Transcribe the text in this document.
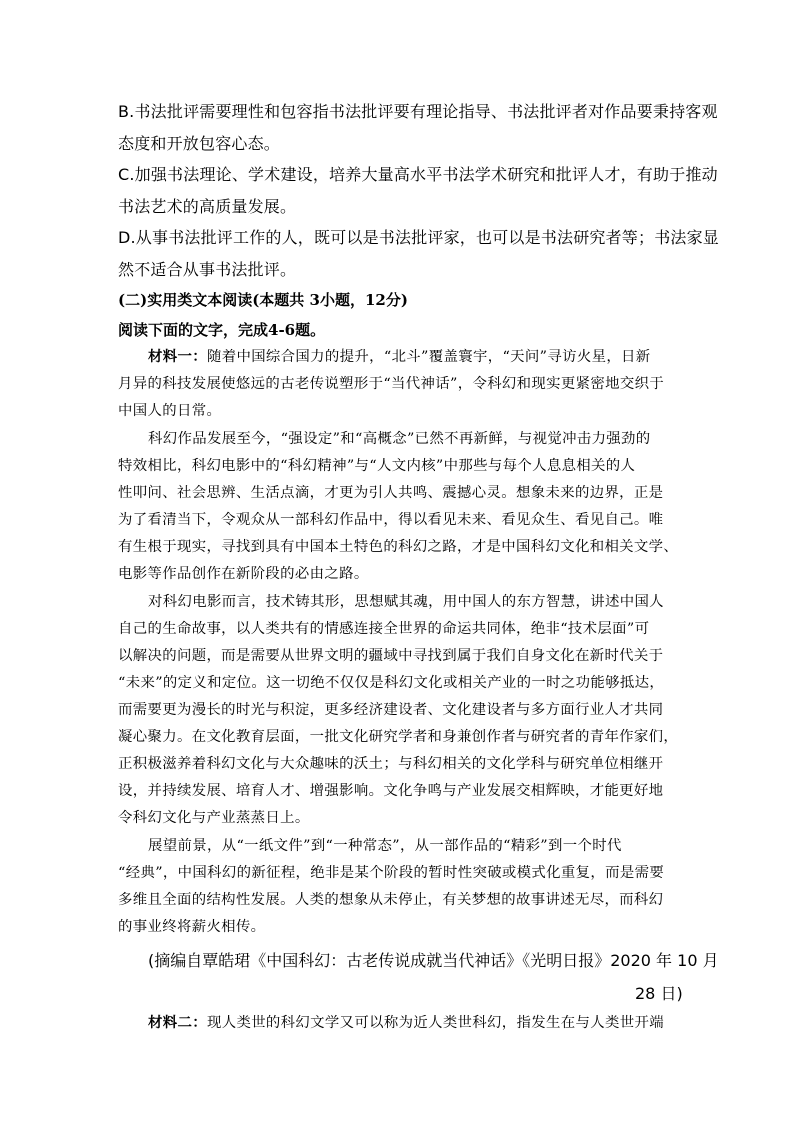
B.书法批评需要理性和包容指书法批评要有理论指导、书法批评者对作品要秉持客观
态度和开放包容心态。
C.加强书法理论、学术建设，培养大量高水平书法学术研究和批评人才，有助于推动
书法艺术的高质量发展。
D.从事书法批评工作的人，既可以是书法批评家，也可以是书法研究者等；书法家显
然不适合从事书法批评。
(二)实用类文本阅读(本题共 3小题，12分)
阅读下面的文字，完成4-6题。
材料一：随着中国综合国力的提升，“北斗”覆盖寰宇，“天问”寻访火星，日新
月异的科技发展使悠远的古老传说塑形于“当代神话”，令科幻和现实更紧密地交织于
中国人的日常。
科幻作品发展至今，“强设定”和“高概念”已然不再新鲜，与视觉冲击力强劲的
特效相比，科幻电影中的“科幻精神”与“人文内核”中那些与每个人息息相关的人
性叩问、社会思辨、生活点滴，才更为引人共鸣、震撼心灵。想象未来的边界，正是
为了看清当下，令观众从一部科幻作品中，得以看见未来、看见众生、看见自己。唯
有生根于现实，寻找到具有中国本土特色的科幻之路，才是中国科幻文化和相关文学、
电影等作品创作在新阶段的必由之路。
对科幻电影而言，技术铸其形，思想赋其魂，用中国人的东方智慧，讲述中国人
自己的生命故事，以人类共有的情感连接全世界的命运共同体，绝非“技术层面”可
以解决的问题，而是需要从世界文明的疆域中寻找到属于我们自身文化在新时代关于
“未来”的定义和定位。这一切绝不仅仅是科幻文化或相关产业的一时之功能够抵达，
而需要更为漫长的时光与积淀，更多经济建设者、文化建设者与多方面行业人才共同
凝心聚力。在文化教育层面，一批文化研究学者和身兼创作者与研究者的青年作家们，
正积极滋养着科幻文化与大众趣味的沃土；与科幻相关的文化学科与研究单位相继开
设，并持续发展、培育人才、增强影响。文化争鸣与产业发展交相辉映，才能更好地
令科幻文化与产业蒸蒸日上。
展望前景，从“一纸文件”到“一种常态”，从一部作品的“精彩”到一个时代
“经典”，中国科幻的新征程，绝非是某个阶段的暂时性突破或模式化重复，而是需要
多维且全面的结构性发展。人类的想象从未停止，有关梦想的故事讲述无尽，而科幻
的事业终将薪火相传。
(摘编自覃皓珺《中国科幻：古老传说成就当代神话》《光明日报》2020 年 10 月
28 日)
材料二：现人类世的科幻文学又可以称为近人类世科幻，指发生在与人类世开端
